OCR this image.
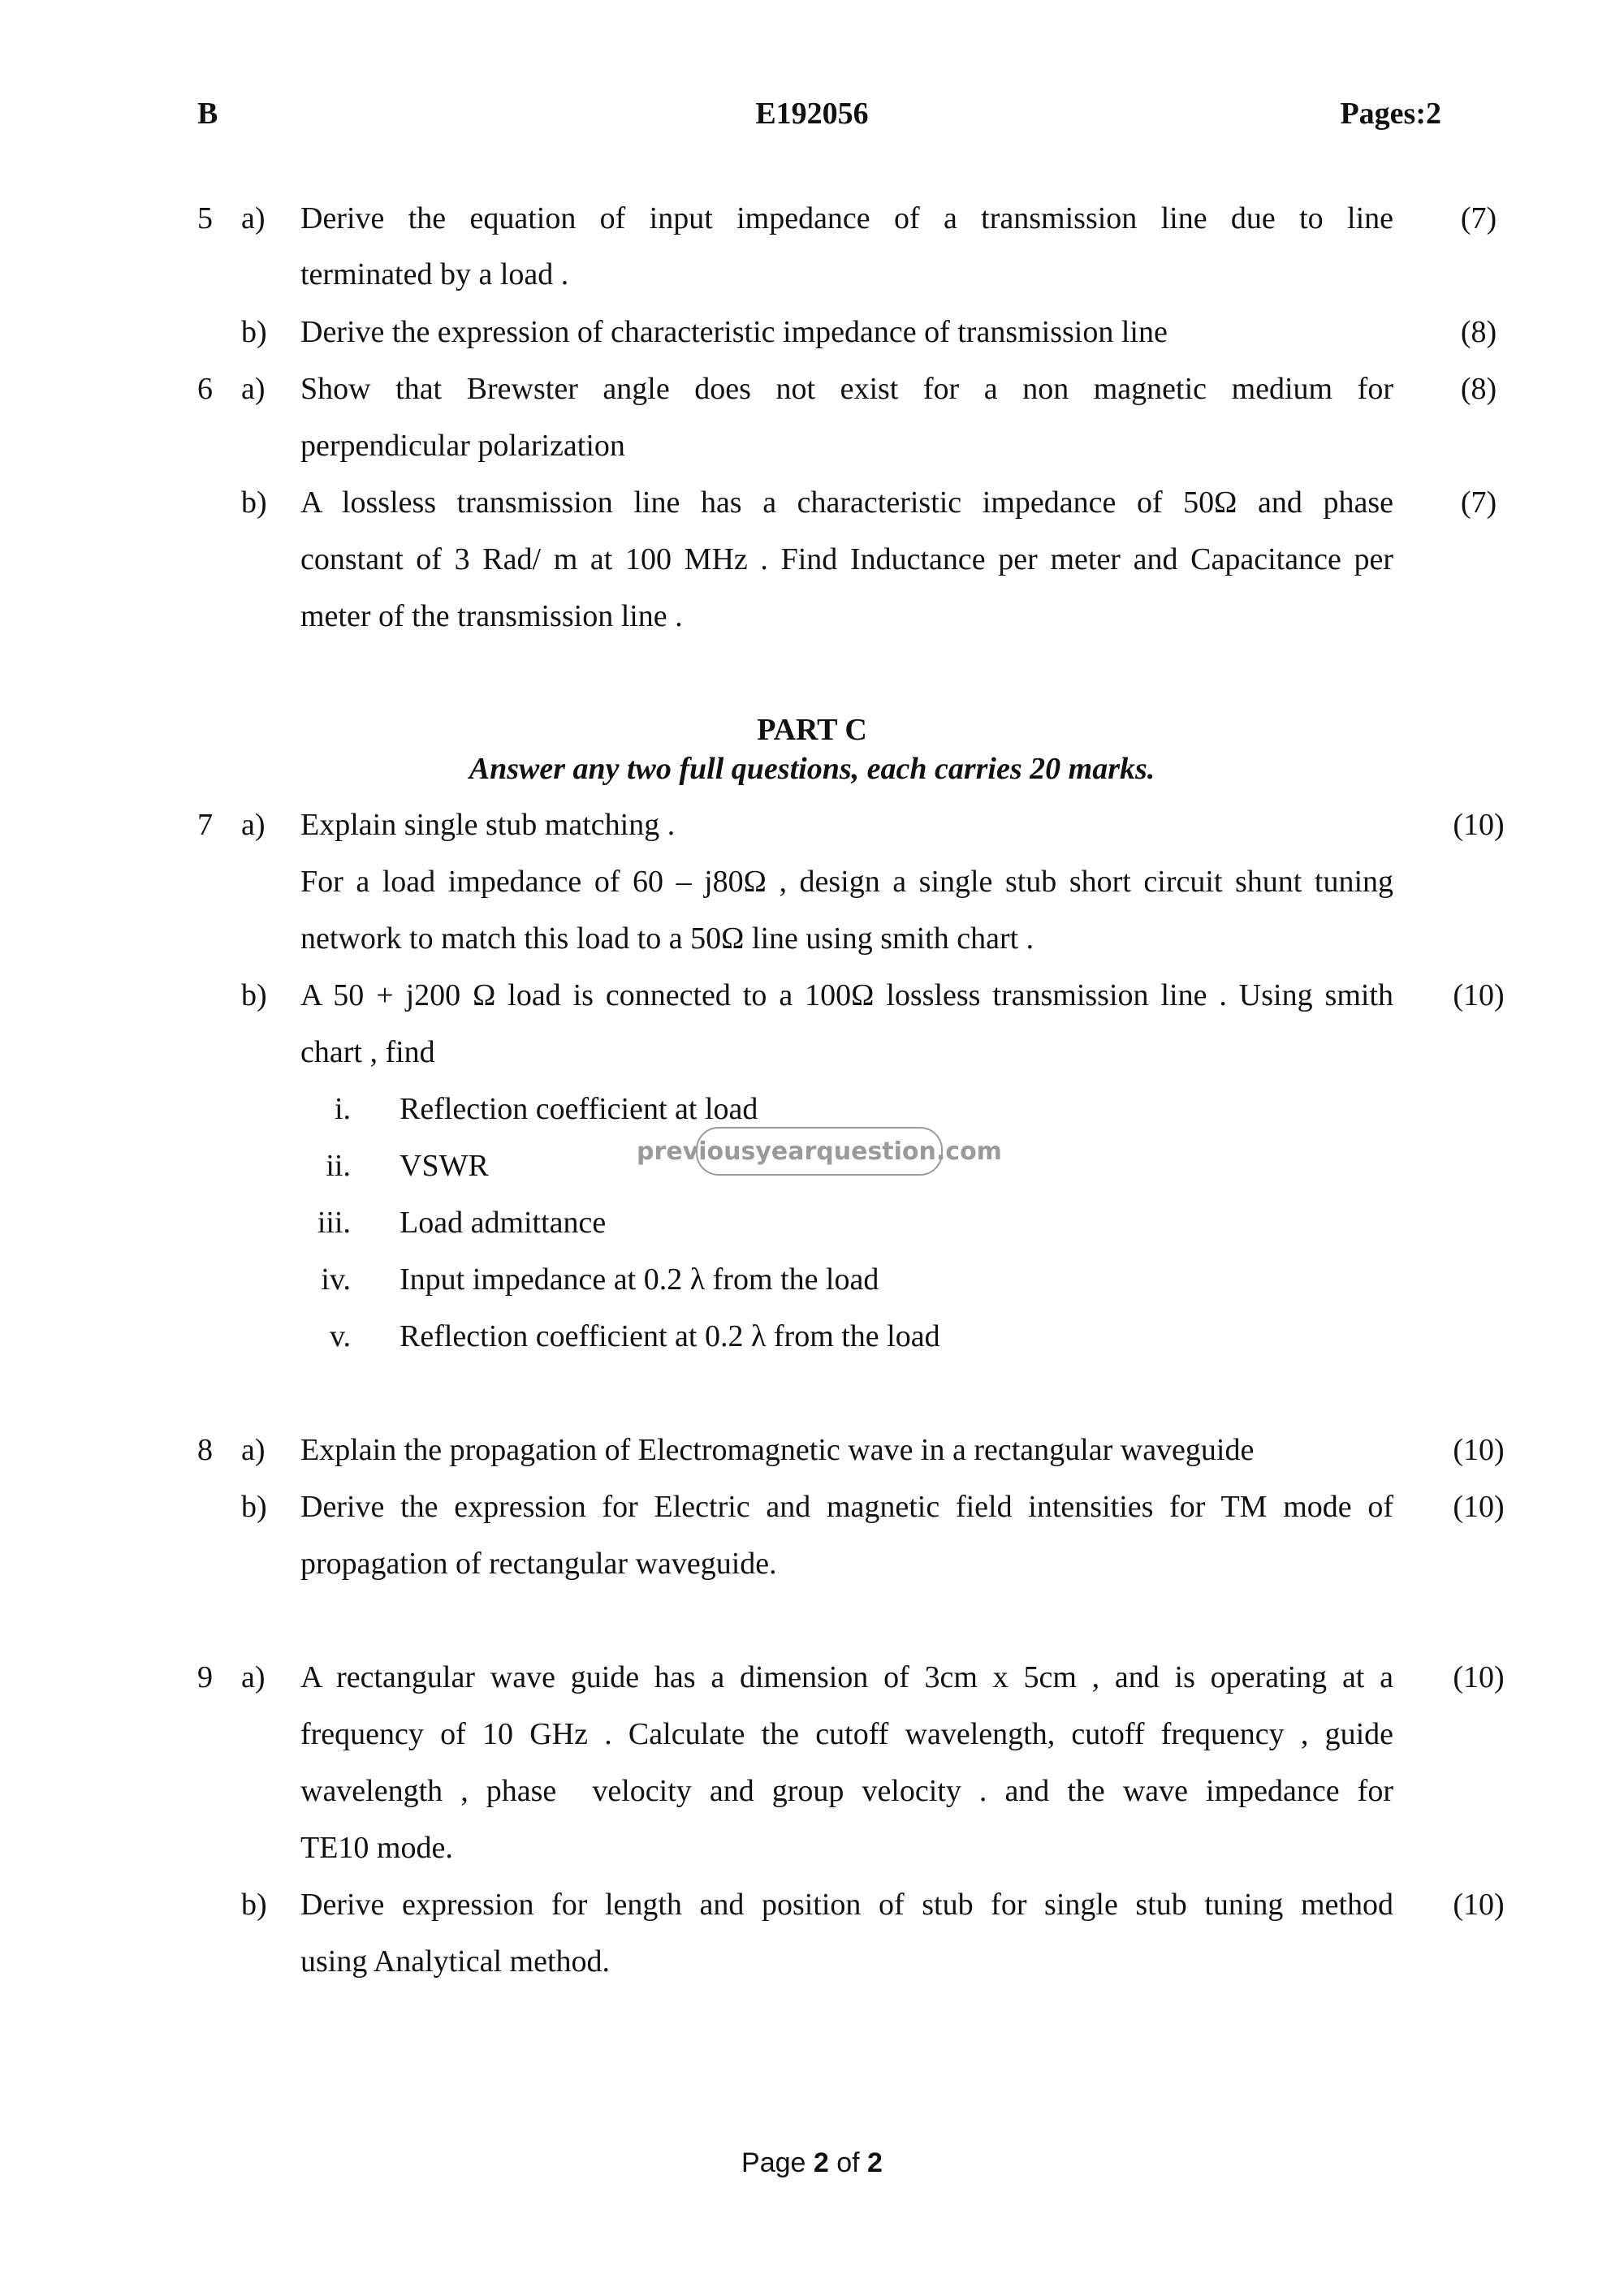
B	E192056	Pages:2
5 a) Derive the equation of input impedance of a transmission line due to line
terminated by a load .
(7)
b) Derive the expression of characteristic impedance of transmission line	(8)
6 a) Show that Brewster angle does not exist for a non magnetic medium for
perpendicular polarization
(8)
b) A lossless transmission line has a characteristic impedance of 50Ω and phase
constant of 3 Rad/ m at 100 MHz . Find Inductance per meter and Capacitance per
meter of the transmission line .
(7)
PART C
Answer any two full questions, each carries 20 marks.
7 a) Explain single stub matching .
For a load impedance of 60 – j80Ω , design a single stub short circuit shunt tuning
network to match this load to a 50Ω line using smith chart .
(10)
b) A 50 + j200 Ω load is connected to a 100Ω lossless transmission line . Using smith
chart , find
(10)
i. Reflection coefficient at load
ii. VSWR
iii. Load admittance
iv. Input impedance at 0.2 λ from the load
v. Reflection coefficient at 0.2 λ from the load
previousyearquestion.com
8 a) Explain the propagation of Electromagnetic wave in a rectangular waveguide	(10)
b) Derive the expression for Electric and magnetic field intensities for TM mode of
propagation of rectangular waveguide.
(10)
9 a) A rectangular wave guide has a dimension of 3cm x 5cm , and is operating at a
frequency of 10 GHz . Calculate the cutoff wavelength, cutoff frequency , guide
wavelength , phase  velocity and group velocity . and the wave impedance for
TE10 mode.
(10)
b) Derive expression for length and position of stub for single stub tuning method
using Analytical method.
(10)
Page 2 of 2
